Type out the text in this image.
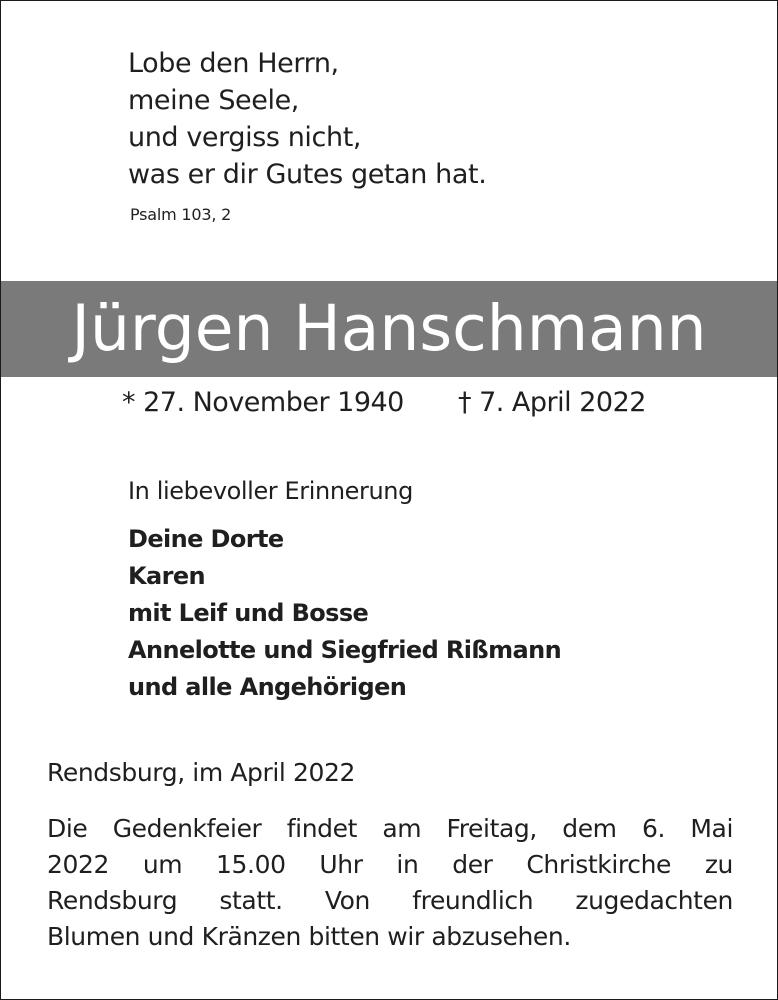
Lobe den Herrn,
meine Seele,
und vergiss nicht,
was er dir Gutes getan hat.
Psalm 103, 2
Jürgen Hanschmann
* 27. November 1940 † 7. April 2022
In liebevoller Erinnerung
Deine Dorte
Karen
mit Leif und Bosse
Annelotte und Siegfried Rißmann
und alle Angehörigen
Rendsburg, im April 2022
Die Gedenkfeier findet am Freitag, dem 6. Mai
2022 um 15.00 Uhr in der Christkirche zu
Rendsburg statt. Von freundlich zugedachten
Blumen und Kränzen bitten wir abzusehen.
